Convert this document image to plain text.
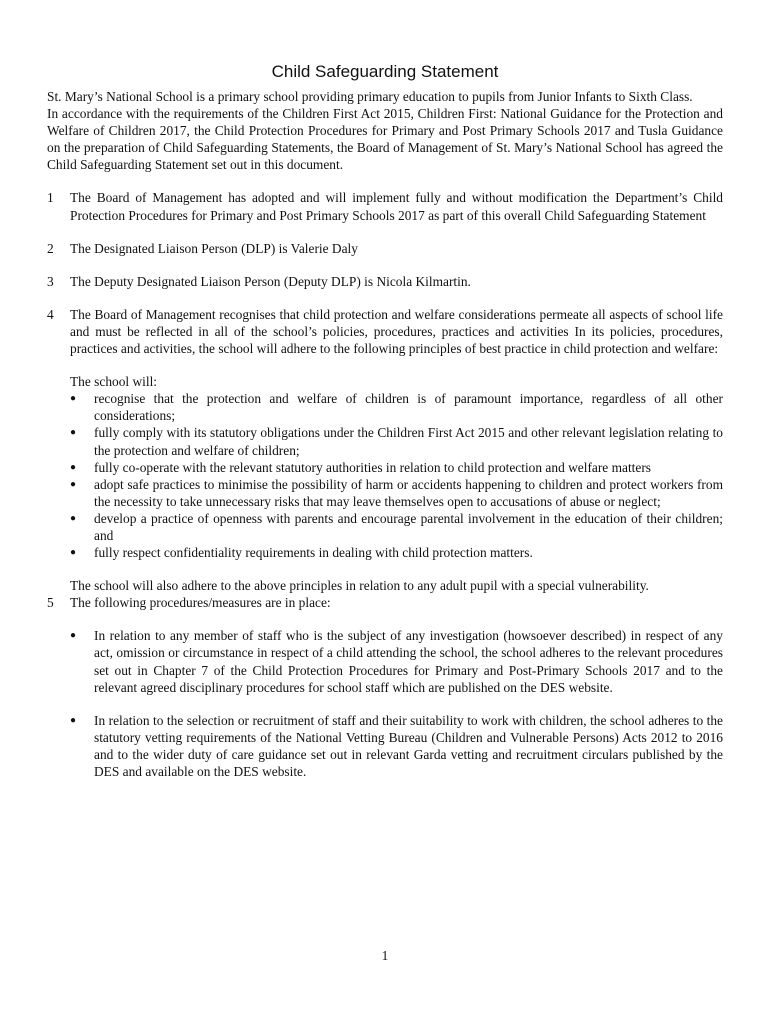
Child Safeguarding Statement

St. Mary’s National School is a primary school providing primary education to pupils from Junior Infants to Sixth Class.

In accordance with the requirements of the Children First Act 2015, Children First: National Guidance for the Protection and Welfare of Children 2017, the Child Protection Procedures for Primary and Post Primary Schools 2017 and Tusla Guidance on the preparation of Child Safeguarding Statements, the Board of Management of St. Mary’s National School has agreed the Child Safeguarding Statement set out in this document.

1 The Board of Management has adopted and will implement fully and without modification the Department’s Child Protection Procedures for Primary and Post Primary Schools 2017 as part of this overall Child Safeguarding Statement
2 The Designated Liaison Person (DLP) is Valerie Daly
3 The Deputy Designated Liaison Person (Deputy DLP) is Nicola Kilmartin.
4 The Board of Management recognises that child protection and welfare considerations permeate all aspects of school life and must be reflected in all of the school’s policies, procedures, practices and activities In its policies, procedures, practices and activities, the school will adhere to the following principles of best practice in child protection and welfare:
The school will:
● recognise that the protection and welfare of children is of paramount importance, regardless of all other considerations;
● fully comply with its statutory obligations under the Children First Act 2015 and other relevant legislation relating to the protection and welfare of children;
● fully co-operate with the relevant statutory authorities in relation to child protection and welfare matters
● adopt safe practices to minimise the possibility of harm or accidents happening to children and protect workers from the necessity to take unnecessary risks that may leave themselves open to accusations of abuse or neglect;
● develop a practice of openness with parents and encourage parental involvement in the education of their children; and
● fully respect confidentiality requirements in dealing with child protection matters.
The school will also adhere to the above principles in relation to any adult pupil with a special vulnerability.
5 The following procedures/measures are in place:
● In relation to any member of staff who is the subject of any investigation (howsoever described) in respect of any act, omission or circumstance in respect of a child attending the school, the school adheres to the relevant procedures set out in Chapter 7 of the Child Protection Procedures for Primary and Post-Primary Schools 2017 and to the relevant agreed disciplinary procedures for school staff which are published on the DES website.
● In relation to the selection or recruitment of staff and their suitability to work with children, the school adheres to the statutory vetting requirements of the National Vetting Bureau (Children and Vulnerable Persons) Acts 2012 to 2016 and to the wider duty of care guidance set out in relevant Garda vetting and recruitment circulars published by the DES and available on the DES website.
1
